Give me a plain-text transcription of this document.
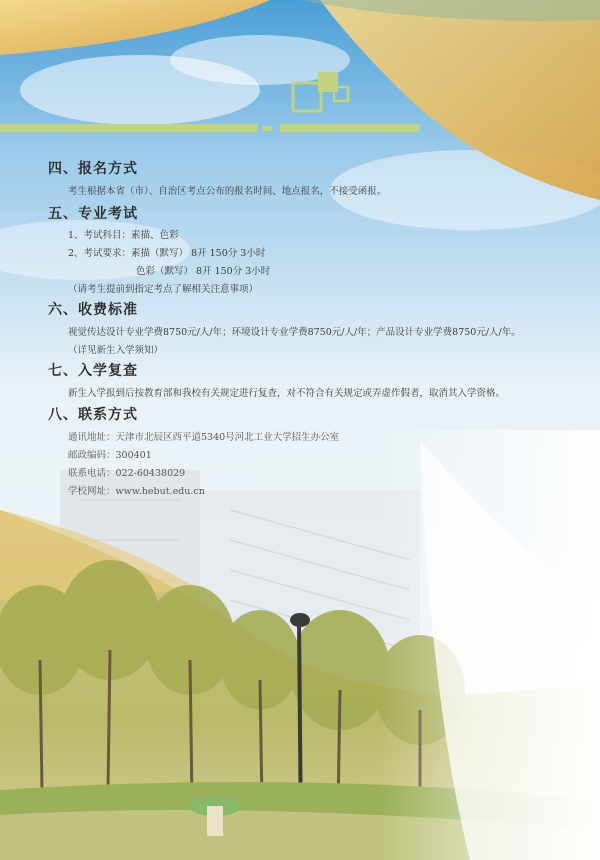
四、报名方式
考生根据本省（市）、自治区考点公布的报名时间、地点报名，不接受函报。
五、专业考试
1、考试科目：素描、色彩
2、考试要求：素描（默写） 8开 150分 3小时
色彩（默写） 8开 150分 3小时
（请考生提前到指定考点了解相关注意事项）
六、收费标准
视觉传达设计专业学费8750元/人/年；环境设计专业学费8750元/人/年；产品设计专业学费8750元/人/年。
（详见新生入学须知）
七、入学复查
新生入学报到后按教育部和我校有关规定进行复查，对不符合有关规定或弄虚作假者，取消其入学资格。
八、联系方式
通讯地址：天津市北辰区西平道5340号河北工业大学招生办公室
邮政编码：300401
联系电话：022-60438029
学校网址：www.hebut.edu.cn
